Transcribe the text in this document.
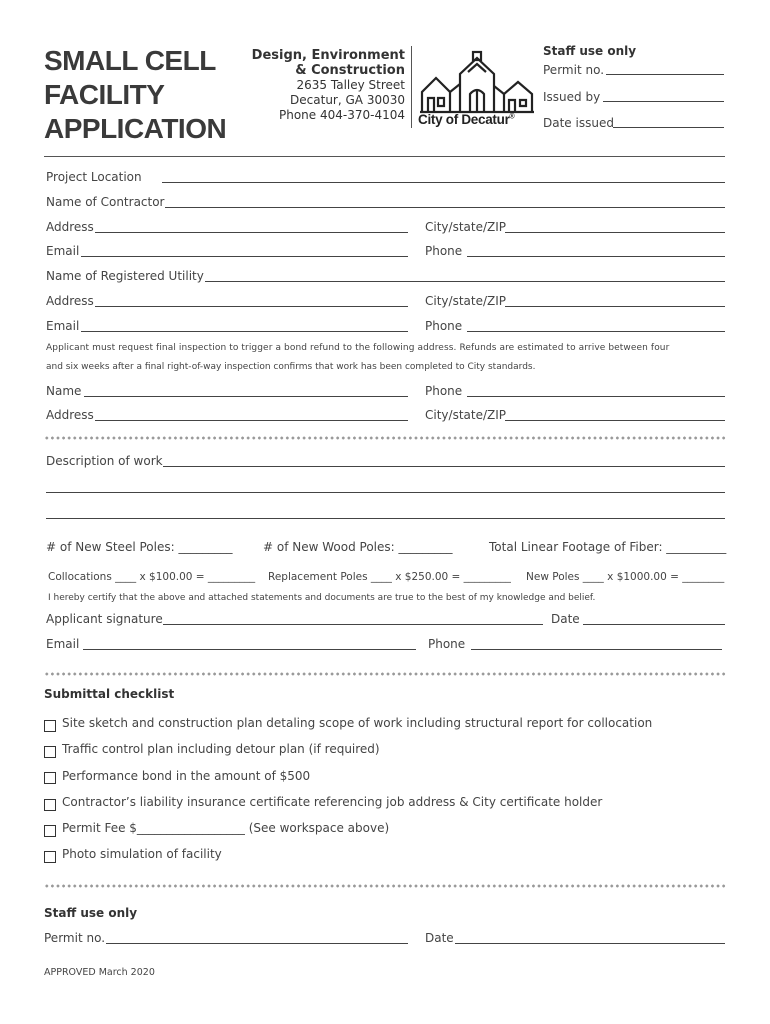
SMALL CELL
FACILITY
APPLICATION
Design, Environment
& Construction
2635 Talley Street
Decatur, GA 30030
Phone 404-370-4104 City of Decatur®
Staff use only
Permit no.
Issued by
Date issued
Project Location
Name of Contractor
Address	City/state/ZIP
Email	Phone
Name of Registered Utility
Address	City/state/ZIP
Email	Phone
Applicant must request final inspection to trigger a bond refund to the following address. Refunds are estimated to arrive between four
and six weeks after a final right-of-way inspection confirms that work has been completed to City standards.
Name	Phone
Address	City/state/ZIP
Description of work
# of New Steel Poles: _________	# of New Wood Poles: _________	Total Linear Footage of Fiber: __________
Collocations ____ x $100.00 = _________ Replacement Poles ____ x $250.00 = _________ New Poles ____ x $1000.00 = ________
I hereby certify that the above and attached statements and documents are true to the best of my knowledge and belief.
Applicant signature	Date
Email	Phone
Submittal checklist
Site sketch and construction plan detaling scope of work including structural report for collocation
Traffic control plan including detour plan (if required)
Performance bond in the amount of $500
Contractor’s liability insurance certificate referencing job address & City certificate holder
Permit Fee $__________________ (See workspace above)
Photo simulation of facility
Staff use only
Permit no.	Date
APPROVED March 2020
